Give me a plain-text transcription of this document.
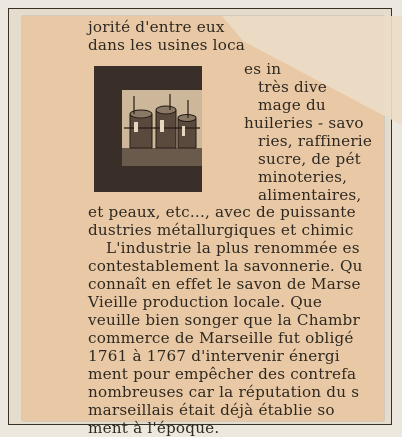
jorité d'entre eux
dans les usines loca
es in
très dive
mage du
huileries - savo
ries, raffinerie
sucre, de pét
minoteries,
alimentaires,
et peaux, etc..., avec de puissante
dustries métallurgiques et chimic
L'industrie la plus renommée es
contestablement la savonnerie. Qu
connaît en effet le savon de Marse
Vieille production locale. Que
veuille bien songer que la Chambr
commerce de Marseille fut obligé
1761 à 1767 d'intervenir énergi
ment pour empêcher des contrefa
nombreuses car la réputation du s
marseillais était déjà établie so
ment à l'époque.
